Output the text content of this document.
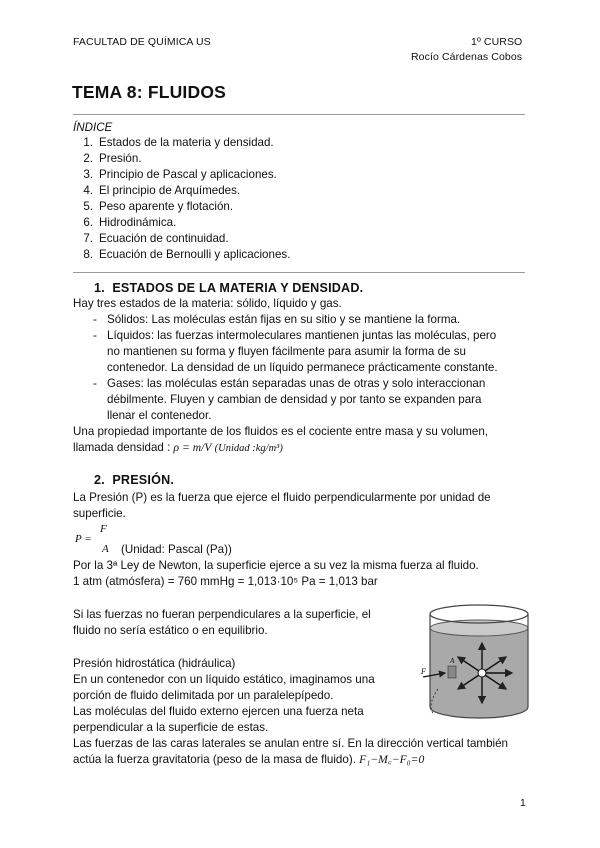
FACULTAD DE QUÍMICA US	1º CURSO
Rocío Cárdenas Cobos
TEMA 8: FLUIDOS
ÍNDICE
1. Estados de la materia y densidad.
2. Presión.
3. Principio de Pascal y aplicaciones.
4. El principio de Arquímedes.
5. Peso aparente y flotación.
6. Hidrodinámica.
7. Ecuación de continuidad.
8. Ecuación de Bernoulli y aplicaciones.
1. ESTADOS DE LA MATERIA Y DENSIDAD.
Hay tres estados de la materia: sólido, líquido y gas.
- Sólidos: Las moléculas están fijas en su sitio y se mantiene la forma.
- Líquidos: las fuerzas intermoleculares mantienen juntas las moléculas, pero
no mantienen su forma y fluyen fácilmente para asumir la forma de su
contenedor. La densidad de un líquido permanece prácticamente constante.
- Gases: las moléculas están separadas unas de otras y solo interaccionan
débilmente. Fluyen y cambian de densidad y por tanto se expanden para
llenar el contenedor.
Una propiedad importante de los fluidos es el cociente entre masa y su volumen,
llamada densidad : ρ = m/V (Unidad :kg/m³)
2. PRESIÓN.
La Presión (P) es la fuerza que ejerce el fluido perpendicularmente por unidad de
superficie.
P =
F
A (Unidad: Pascal (Pa))
Por la 3ª Ley de Newton, la superficie ejerce a su vez la misma fuerza al fluido.
1 atm (atmósfera) = 760 mmHg = 1,013·10⁵ Pa = 1,013 bar
Si las fuerzas no fueran perpendiculares a la superficie, el
fluido no sería estático o en equilibrio.
Presión hidrostática (hidráulica)
En un contenedor con un líquido estático, imaginamos una
porción de fluido delimitada por un paralelepípedo.
Las moléculas del fluido externo ejercen una fuerza neta
perpendicular a la superficie de estas.
Las fuerzas de las caras laterales se anulan entre sí. En la dirección vertical también
actúa la fuerza gravitatoria (peso de la masa de fluido). F₁−M꜀−F₀=0
F
A
1
